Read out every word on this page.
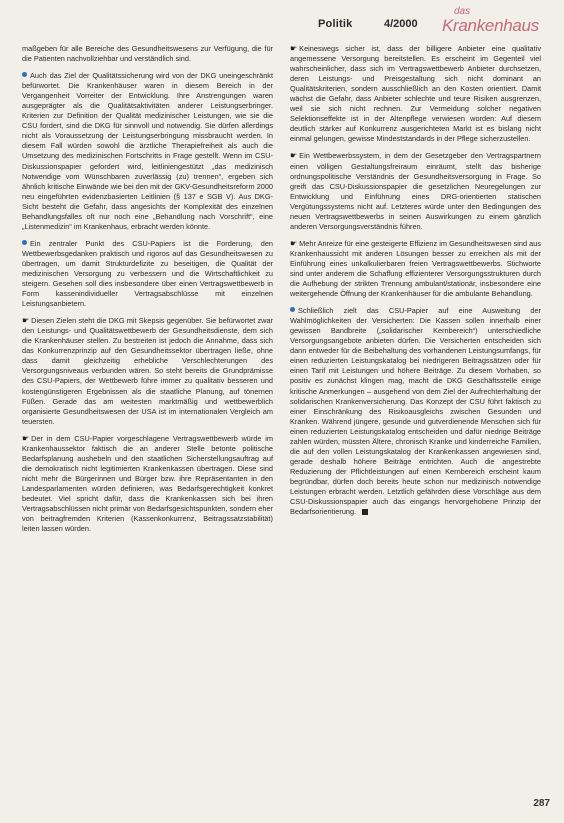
Politik	4/2000
das
Krankenhaus

maßgeben für alle Bereiche des Gesundheitswesens zur Verfügung, die für die Patienten nachvollziehbar und verständlich sind.

Auch das Ziel der Qualitätssicherung wird von der DKG uneingeschränkt befürwortet. Die Krankenhäuser waren in diesem Bereich in der Vergangenheit Vorreiter der Entwicklung. Ihre Anstrengungen waren ausgeprägter als die Qualitätsaktivitäten anderer Leistungserbringer. Kriterien zur Definition der Qualität medizinischer Leistungen, wie sie die CSU fordert, sind die DKG für sinnvoll und notwendig. Sie dürfen allerdings nicht als Voraussetzung der Leistungserbringung missbraucht werden. In diesem Fall würden sowohl die ärztliche Therapiefreiheit als auch die Umsetzung des medizinischen Fortschritts in Frage gestellt. Wenn im CSU-Diskussionspapier gefordert wird, leitliniengestützt „das medizinisch Notwendige vom Wünschbaren zuverlässig (zu) trennen“, ergeben sich ähnlich kritische Einwände wie bei den mit der GKV-Gesundheitsreform 2000 neu eingeführten evidenzbasierten Leitlinien (§ 137 e SGB V). Aus DKG-Sicht besteht die Gefahr, dass angesichts der Komplexität des einzelnen Behandlungsfalles oft nur noch eine „Behandlung nach Vorschrift“, eine „Listenmedizin“ im Krankenhaus, erbracht werden könnte.

Ein zentraler Punkt des CSU-Papiers ist die Forderung, den Wettbewerbsgedanken praktisch und rigoros auf das Gesundheitswesen zu übertragen, um damit Strukturdefizite zu beseitigen, die Qualität der medizinischen Versorgung zu verbessern und die Wirtschaftlichkeit zu steigern. Gesehen soll dies insbesondere über einen Vertragswettbewerb in Form kassenindividueller Vertragsabschlüsse mit einzelnen Leistungsanbietern.

☛ Diesen Zielen steht die DKG mit Skepsis gegenüber. Sie befürwortet zwar den Leistungs- und Qualitätswettbewerb der Gesundheitsdienste, dem sich die Krankenhäuser stellen. Zu bestreiten ist jedoch die Annahme, dass sich das Konkurrenzprinzip auf den Gesundheitssektor übertragen ließe, ohne dass damit gleichzeitig erhebliche Verschlechterungen des Versorgungsniveaus verbunden wären. So steht bereits die Grundprämisse des CSU-Papiers, der Wettbewerb führe immer zu qualitativ besseren und kostengünstigeren Ergebnissen als die staatliche Planung, auf tönernen Füßen. Gerade das am weitesten marktmäßig und wettbewerblich organisierte Gesundheitswesen der USA ist im internationalen Vergleich am teuersten.

☛ Der in dem CSU-Papier vorgeschlagene Vertragswettbewerb würde im Krankenhaussektor faktisch die an anderer Stelle betonte politische Bedarfsplanung aushebeln und den staatlichen Sicherstellungsauftrag auf die demokratisch nicht legitimierten Krankenkassen übertragen. Diese sind nicht mehr die Bürgerinnen und Bürger bzw. ihre Repräsentanten in den Landesparlamenten würden definieren, was Bedarfsgerechtigkeit konkret bedeutet. Viel spricht dafür, dass die Krankenkassen sich bei ihren Vertragsabschlüssen nicht primär von Bedarfsgesichtspunkten, sondern eher von beitragfremden Kriterien (Kassenkonkurrenz, Beitragssatzstabilität) leiten lassen würden.

☛ Keineswegs sicher ist, dass der billigere Anbieter eine qualitativ angemessene Versorgung bereitstellen. Es erscheint im Gegenteil viel wahrscheinlicher, dass sich im Vertragswettbewerb Anbieter durchsetzen, deren Leistungs- und Preisgestaltung sich nicht dominant an Qualitätskriterien, sondern ausschließlich an den Kosten orientiert. Damit wächst die Gefahr, dass Anbieter schlechte und teure Risiken ausgrenzen, weil sie sich nicht rechnen. Zur Vermeidung solcher negativen Selektionseffekte ist in der Altenpflege verwiesen worden: Auf diesem deutlich stärker auf Konkurrenz ausgerichteten Markt ist es bislang nicht einmal gelungen, gewisse Mindeststandards in der Pflege sicherzustellen.

☛ Ein Wettbewerbssystem, in dem der Gesetzgeber den Vertragspartnern einen völligen Gestaltungsfreiraum einräumt, stellt das bisherige ordnungspolitische Verständnis der Gesundheitsversorgung in Frage. So greift das CSU-Diskussionspapier die gesetzlichen Neuregelungen zur Entwicklung und Einführung eines DRG-orientierten statischen Vergütungssystems nicht auf. Letzteres würde unter den Bedingungen des neuen Vertragswettbewerbs in seinen Auswirkungen zu einem gänzlich anderen Versorgungsverständnis führen.

☛ Mehr Anreize für eine gesteigerte Effizienz im Gesundheitswesen sind aus Krankenhaussicht mit anderen Lösungen besser zu erreichen als mit der Einführung eines unkalkulierbaren freien Vertragswettbewerbs. Stichworte sind unter anderem die Schaffung effizienterer Versorgungsstrukturen durch die Aufhebung der strikten Trennung ambulant/stationär, insbesondere eine weitergehende Öffnung der Krankenhäuser für die ambulante Behandlung.

Schließlich zielt das CSU-Papier auf eine Ausweitung der Wahlmöglichkeiten der Versicherten: Die Kassen sollen innerhalb einer gewissen Bandbreite („solidarischer Kernbereich“) unterschiedliche Versorgungsangebote anbieten dürfen. Die Versicherten entscheiden sich dann entweder für die Beibehaltung des vorhandenen Leistungsumfangs, für einen reduzierten Leistungskatalog bei niedrigeren Beitragssätzen oder für einen Tarif mit Leistungen und höhere Beiträge. Zu diesem Vorhaben, so positiv es zunächst klingen mag, macht die DKG Geschäftsstelle einige kritische Anmerkungen – ausgehend von dem Ziel der Aufrechterhaltung der solidarischen Krankenversicherung. Das Konzept der CSU führt faktisch zu einer Einschränkung des Risikoausgleichs zwischen Gesunden und Kranken. Während jüngere, gesunde und gutverdienende Menschen sich für einen reduzierten Leistungskatalog entscheiden und dafür niedrige Beiträge zahlen würden, müssten Ältere, chronisch Kranke und kinderreiche Familien, die auf den vollen Leistungskatalog der Krankenkassen angewiesen sind, gerade deshalb höhere Beiträge entrichten. Auch die angestrebte Reduzierung der Pflichtleistungen auf einen Kernbereich erscheint kaum begründbar, dürfen doch bereits heute schon nur medizinisch notwendige Leistungen erbracht werden. Letztlich gefährden diese Vorschläge aus dem CSU-Diskussionspapier auch das eingangs hervorgehobene Prinzip der Bedarfsorientierung.

287
